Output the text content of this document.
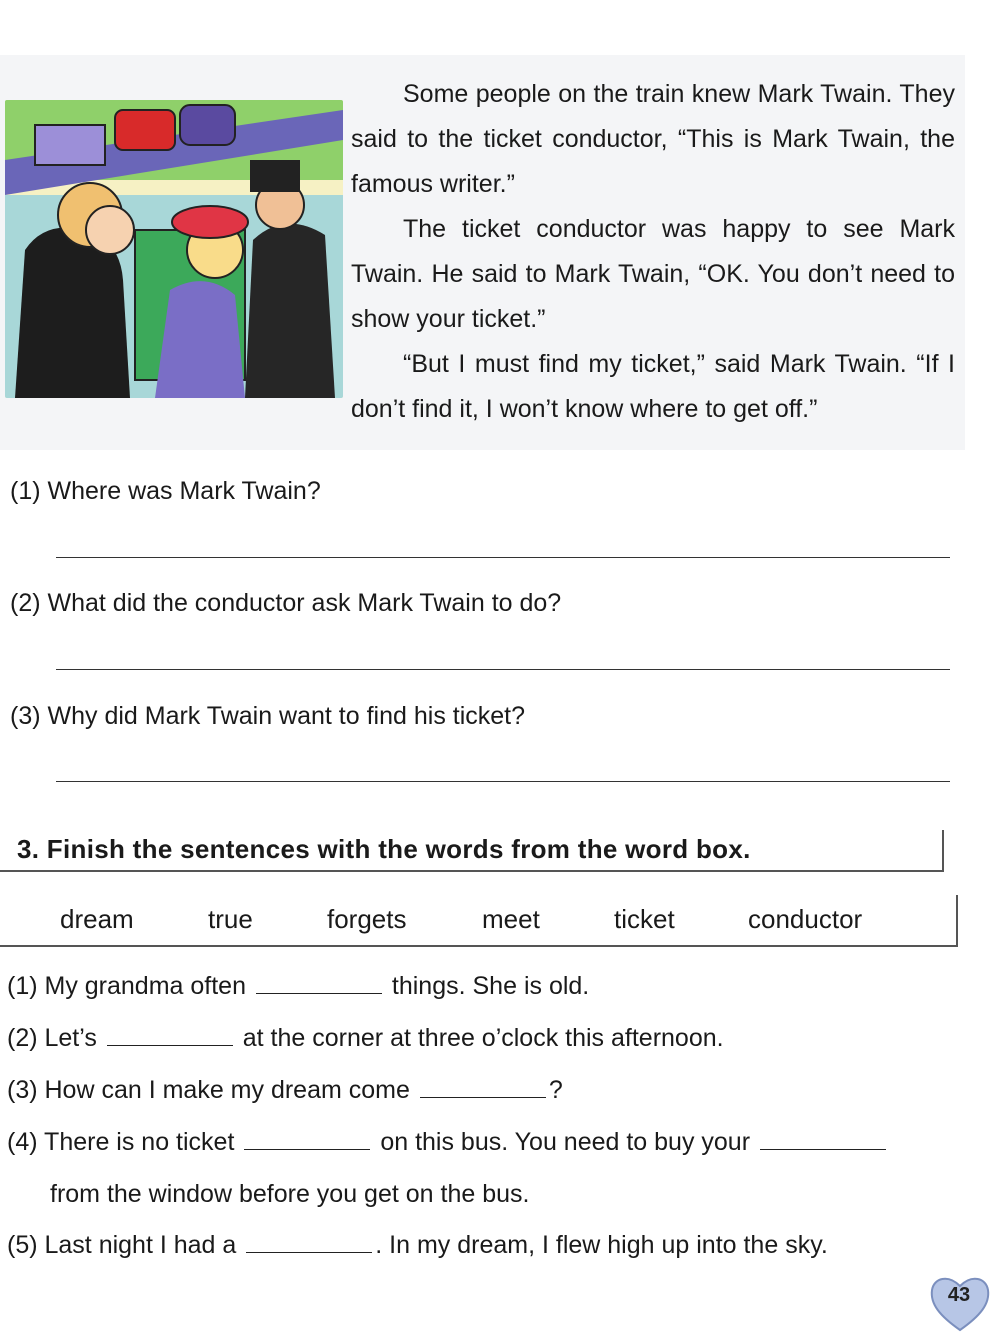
Some people on the train knew Mark Twain. They said to the ticket conductor, “This is Mark Twain, the famous writer.”

The ticket conductor was happy to see Mark Twain. He said to Mark Twain, “OK. You don’t need to show your ticket.”

“But I must find my ticket,” said Mark Twain. “If I don’t find it, I won’t know where to get off.”

(1) Where was Mark Twain?
(2) What did the conductor ask Mark Twain to do?
(3) Why did Mark Twain want to find his ticket?
3. Finish the sentences with the words from the word box.
dream	true	forgets	meet	ticket	conductor
(1) My grandma often	things. She is old.
(2) Let’s	at the corner at three o’clock this afternoon.
(3) How can I make my dream come	?
(4) There is no ticket	on this bus. You need to buy your
from the window before you get on the bus.
(5) Last night I had a	. In my dream, I flew high up into the sky.
43
